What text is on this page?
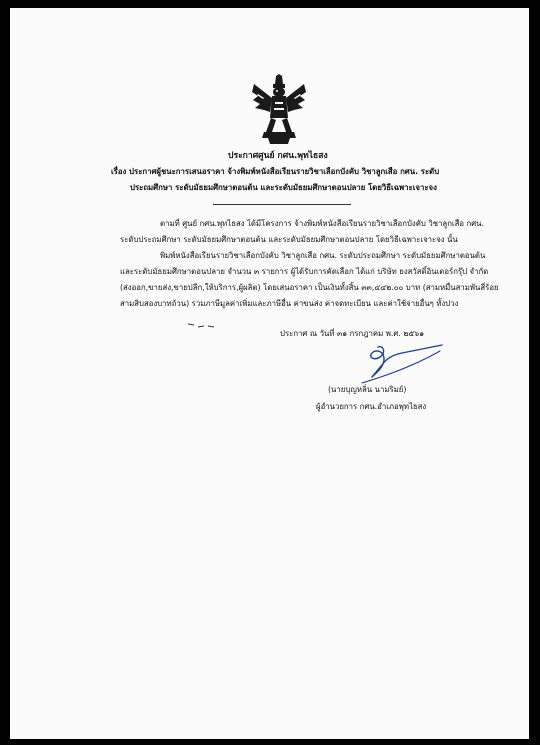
ประกาศศูนย์ กศน.พุทไธสง
เรื่อง ประกาศผู้ชนะการเสนอราคา จ้างพิมพ์หนังสือเรียนรายวิชาเลือกบังคับ วิชาลูกเสือ กศน. ระดับ
ประถมศึกษา ระดับมัธยมศึกษาตอนต้น และระดับมัธยมศึกษาตอนปลาย โดยวิธีเฉพาะเจาะจง
ตามที่ ศูนย์ กศน.พุทไธสง ได้มีโครงการ จ้างพิมพ์หนังสือเรียนรายวิชาเลือกบังคับ วิชาลูกเสือ กศน.
ระดับประถมศึกษา ระดับมัธยมศึกษาตอนต้น และระดับมัธยมศึกษาตอนปลาย โดยวิธีเฉพาะเจาะจง นั้น
พิมพ์หนังสือเรียนรายวิชาเลือกบังคับ วิชาลูกเสือ กศน. ระดับประถมศึกษา ระดับมัธยมศึกษาตอนต้น
และระดับมัธยมศึกษาตอนปลาย จำนวน ๓ รายการ ผู้ได้รับการคัดเลือก ได้แก่ บริษัท ยงสวัสดิ์อินเตอร์กรุ๊ป จำกัด
(ส่งออก,ขายส่ง,ขายปลีก,ให้บริการ,ผู้ผลิต) โดยเสนอราคา เป็นเงินทั้งสิ้น ๓๓,๔๔๒.๐๐ บาท (สามหมื่นสามพันสี่ร้อย
สามสิบสองบาทถ้วน) รวมภาษีมูลค่าเพิ่มและภาษีอื่น ค่าขนส่ง ค่าจดทะเบียน และค่าใช้จ่ายอื่นๆ ทั้งปวง
ประกาศ ณ วันที่ ๓๑ กรกฎาคม พ.ศ. ๒๕๖๑
(นายบุญหลิ่น นามริมย์)
ผู้อำนวยการ กศน.อำเภอพุทไธสง
